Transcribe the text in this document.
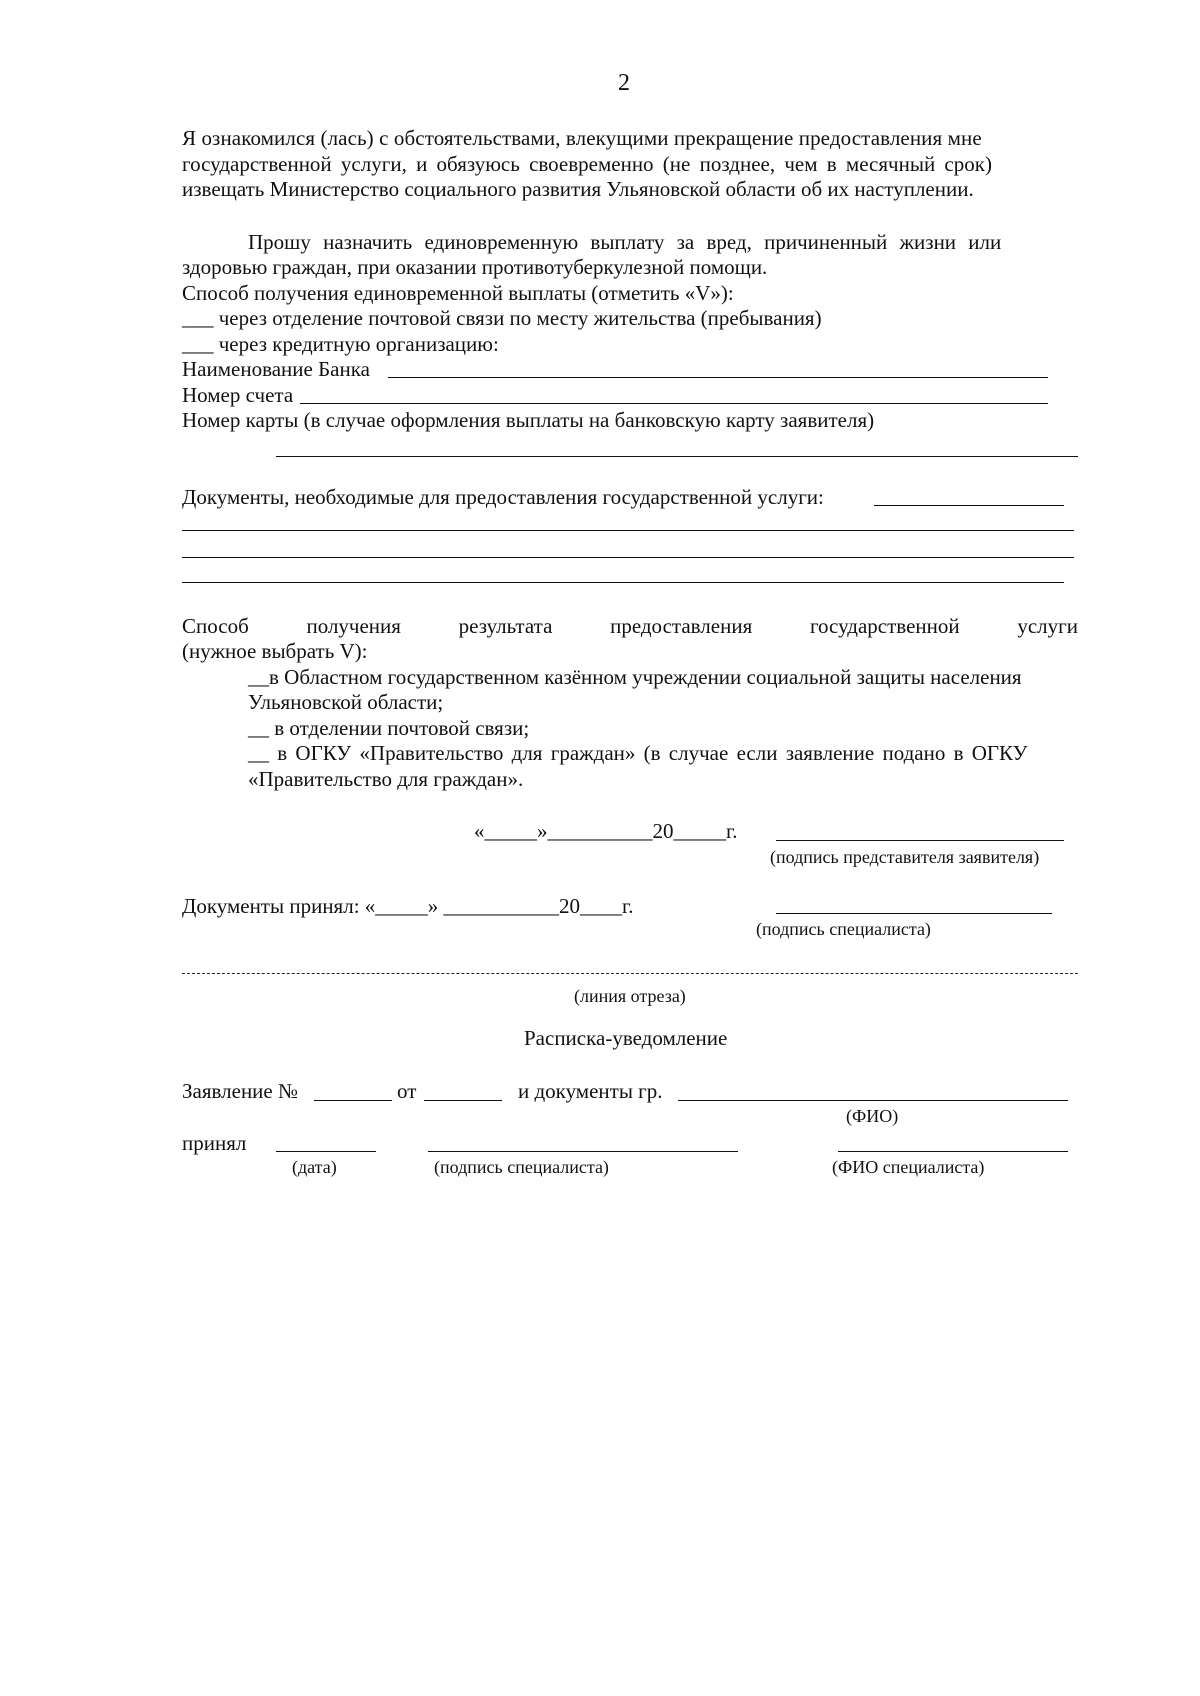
2
Я ознакомился (лась) с обстоятельствами, влекущими прекращение предоставления мне
государственной услуги, и обязуюсь своевременно (не позднее, чем в месячный срок)
извещать Министерство социального развития Ульяновской области об их наступлении.
Прошу назначить единовременную выплату за вред, причиненный жизни или
здоровью граждан, при оказании противотуберкулезной помощи.
Способ получения единовременной выплаты (отметить «V»):
___ через отделение почтовой связи по месту жительства (пребывания)
___ через кредитную организацию:
Наименование Банка
Номер счета
Номер карты (в случае оформления выплаты на банковскую карту заявителя)
Документы, необходимые для предоставления государственной услуги:
Способ	получения	результата	предоставления	государственной	услуги
(нужное выбрать V):
__в Областном государственном казённом учреждении социальной защиты населения
Ульяновской области;
__ в отделении почтовой связи;
__ в ОГКУ «Правительство для граждан» (в случае если заявление подано в ОГКУ
«Правительство для граждан».
«_____»__________20_____г.
(подпись представителя заявителя)
Документы принял: «_____» ___________20____г.
(подпись специалиста)
(линия отреза)
Расписка-уведомление
Заявление №	от	и документы гр.
(ФИО)
принял
(дата)	(подпись специалиста)	(ФИО специалиста)
